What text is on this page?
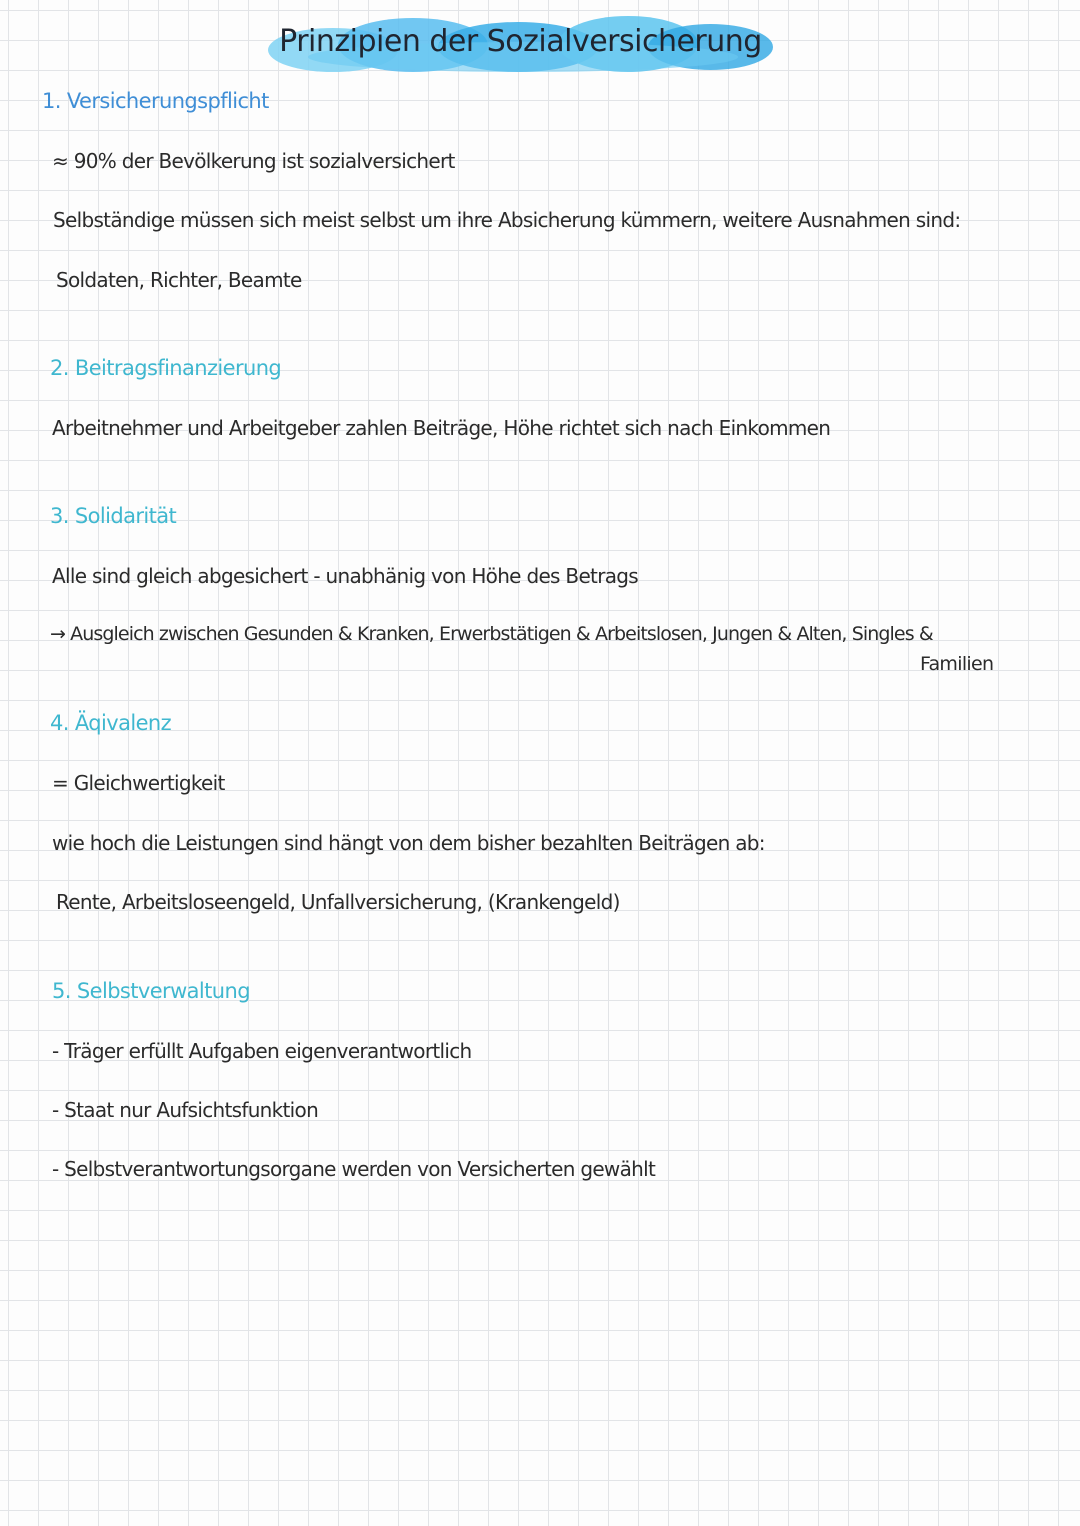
Prinzipien der Sozialversicherung
1. Versicherungspflicht
≈ 90% der Bevölkerung ist sozialversichert
Selbständige müssen sich meist selbst um ihre Absicherung kümmern, weitere Ausnahmen sind:
Soldaten, Richter, Beamte
2. Beitragsfinanzierung
Arbeitnehmer und Arbeitgeber zahlen Beiträge, Höhe richtet sich nach Einkommen
3. Solidarität
Alle sind gleich abgesichert - unabhänig von Höhe des Betrags
→ Ausgleich zwischen Gesunden & Kranken, Erwerbstätigen & Arbeitslosen, Jungen & Alten, Singles &
Familien
4. Äqivalenz
= Gleichwertigkeit
wie hoch die Leistungen sind hängt von dem bisher bezahlten Beiträgen ab:
Rente, Arbeitsloseengeld, Unfallversicherung, (Krankengeld)
5. Selbstverwaltung
- Träger erfüllt Aufgaben eigenverantwortlich
- Staat nur Aufsichtsfunktion
- Selbstverantwortungsorgane werden von Versicherten gewählt
